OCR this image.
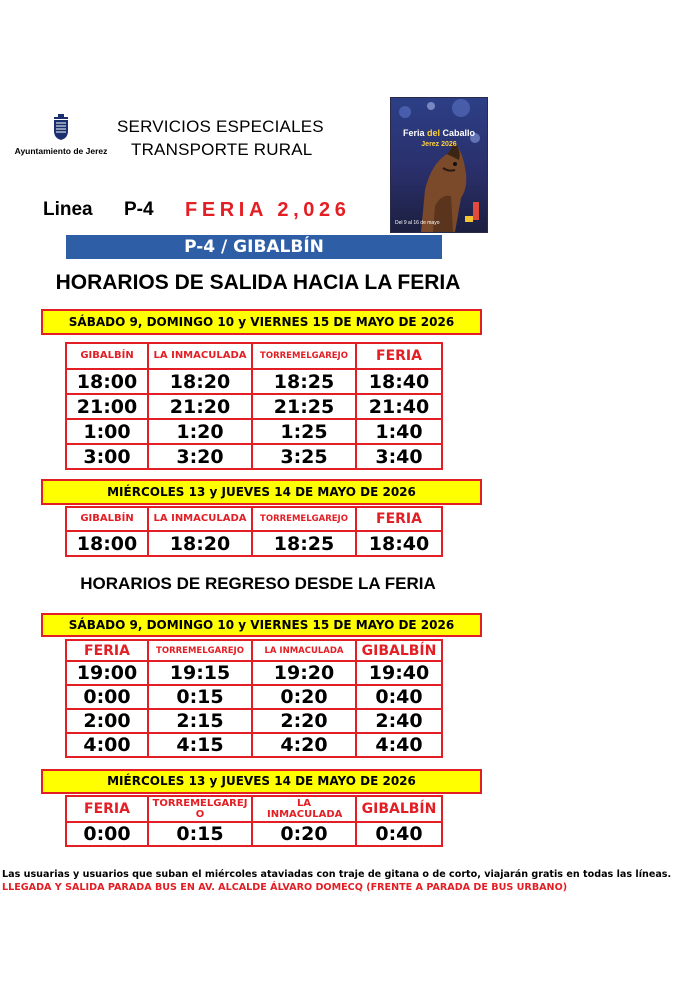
Ayuntamiento de Jerez
SERVICIOS ESPECIALES
TRANSPORTE RURAL
Feria del Caballo
Jerez 2026
Del 9 al 16 de mayo
Linea P-4 FERIA 2,026
P-4 / GIBALBÍN
HORARIOS DE SALIDA HACIA LA FERIA
SÁBADO 9, DOMINGO 10 y VIERNES 15 DE MAYO DE 2026
GIBALBÍN	LA INMACULADA	TORREMELGAREJO	FERIA
18:00	18:20	18:25	18:40
21:00	21:20	21:25	21:40
1:00	1:20	1:25	1:40
3:00	3:20	3:25	3:40
MIÉRCOLES 13 y JUEVES 14 DE MAYO DE 2026
GIBALBÍN	LA INMACULADA	TORREMELGAREJO	FERIA
18:00	18:20	18:25	18:40
HORARIOS DE REGRESO DESDE LA FERIA
SÁBADO 9, DOMINGO 10 y VIERNES 15 DE MAYO DE 2026
FERIA	TORREMELGAREJO	LA INMACULADA	GIBALBÍN
19:00	19:15	19:20	19:40
0:00	0:15	0:20	0:40
2:00	2:15	2:20	2:40
4:00	4:15	4:20	4:40
MIÉRCOLES 13 y JUEVES 14 DE MAYO DE 2026
FERIA	TORREMELGAREJ O	LA INMACULADA	GIBALBÍN
0:00	0:15	0:20	0:40
Las usuarias y usuarios que suban el miércoles ataviadas con traje de gitana o de corto, viajarán gratis en todas las líneas.
LLEGADA Y SALIDA PARADA BUS EN AV. ALCALDE ÁLVARO DOMECQ (FRENTE A PARADA DE BUS URBANO)
